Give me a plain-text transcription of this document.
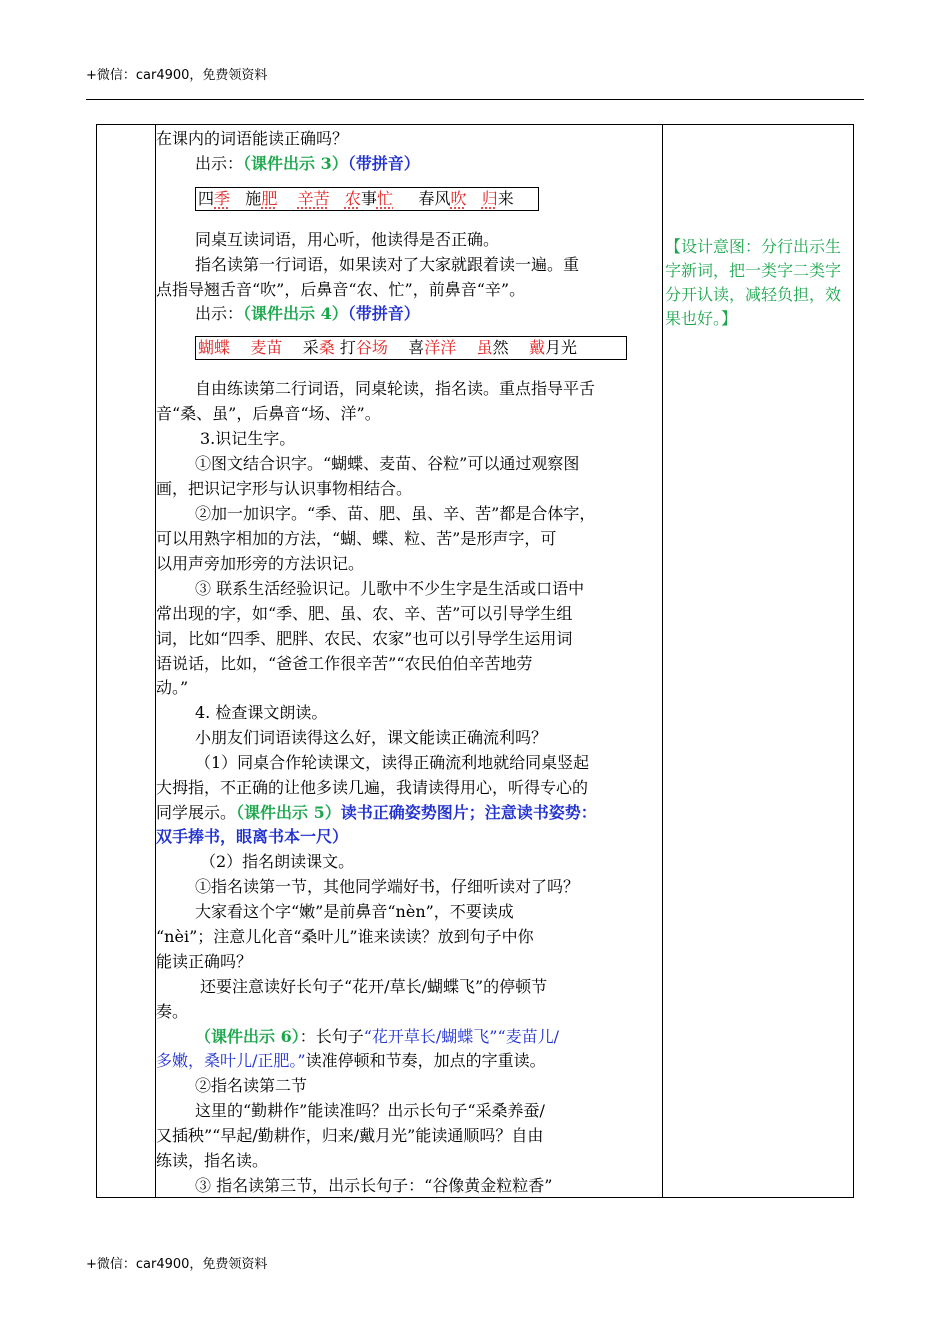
+微信：car4900，免费领资料
在课内的词语能读正确吗？
出示：（课件出示 3）（带拼音）
四季 施肥 辛苦 农事忙 春风吹 归来
同桌互读词语，用心听，他读得是否正确。
指名读第一行词语，如果读对了大家就跟着读一遍。重
点指导翘舌音“吹”，后鼻音“农、忙”，前鼻音“辛”。
出示：（课件出示 4）（带拼音）
蝴蝶 麦苗 采桑 打谷场 喜洋洋 虽然 戴月光
自由练读第二行词语，同桌轮读，指名读。重点指导平舌
音“桑、虽”，后鼻音“场、洋”。
3.识记生字。
①图文结合识字。“蝴蝶、麦苗、谷粒”可以通过观察图
画，把识记字形与认识事物相结合。
②加一加识字。“季、苗、肥、虽、辛、苦”都是合体字，
可以用熟字相加的方法，“蝴、蝶、粒、苦”是形声字，可
以用声旁加形旁的方法识记。
③ 联系生活经验识记。儿歌中不少生字是生活或口语中
常出现的字，如“季、肥、虽、农、辛、苦”可以引导学生组
词，比如“四季、肥胖、农民、农家”也可以引导学生运用词
语说话，比如，“爸爸工作很辛苦”“农民伯伯辛苦地劳
动。”
4. 检查课文朗读。
小朋友们词语读得这么好，课文能读正确流利吗？
（1）同桌合作轮读课文，读得正确流利地就给同桌竖起
大拇指，不正确的让他多读几遍，我请读得用心，听得专心的
同学展示。（课件出示 5）读书正确姿势图片；注意读书姿势：
双手捧书，眼离书本一尺）
（2）指名朗读课文。
①指名读第一节，其他同学端好书，仔细听读对了吗？
大家看这个字“嫩”是前鼻音“nèn”，不要读成
“nèi”；注意儿化音“桑叶儿”谁来读读？放到句子中你
能读正确吗？
还要注意读好长句子“花开/草长/蝴蝶飞”的停顿节
奏。
（课件出示 6）：长句子“花开草长/蝴蝶飞”“麦苗儿/
多嫩，桑叶儿/正肥。”读准停顿和节奏，加点的字重读。
②指名读第二节
这里的“勤耕作”能读准吗？出示长句子“采桑养蚕/
又插秧”“早起/勤耕作，归来/戴月光”能读通顺吗？自由
练读，指名读。
③ 指名读第三节，出示长句子：“谷像黄金粒粒香”
【设计意图：分行出示生字新词，把一类字二类字分开认读，减轻负担，效果也好。】
+微信：car4900，免费领资料
